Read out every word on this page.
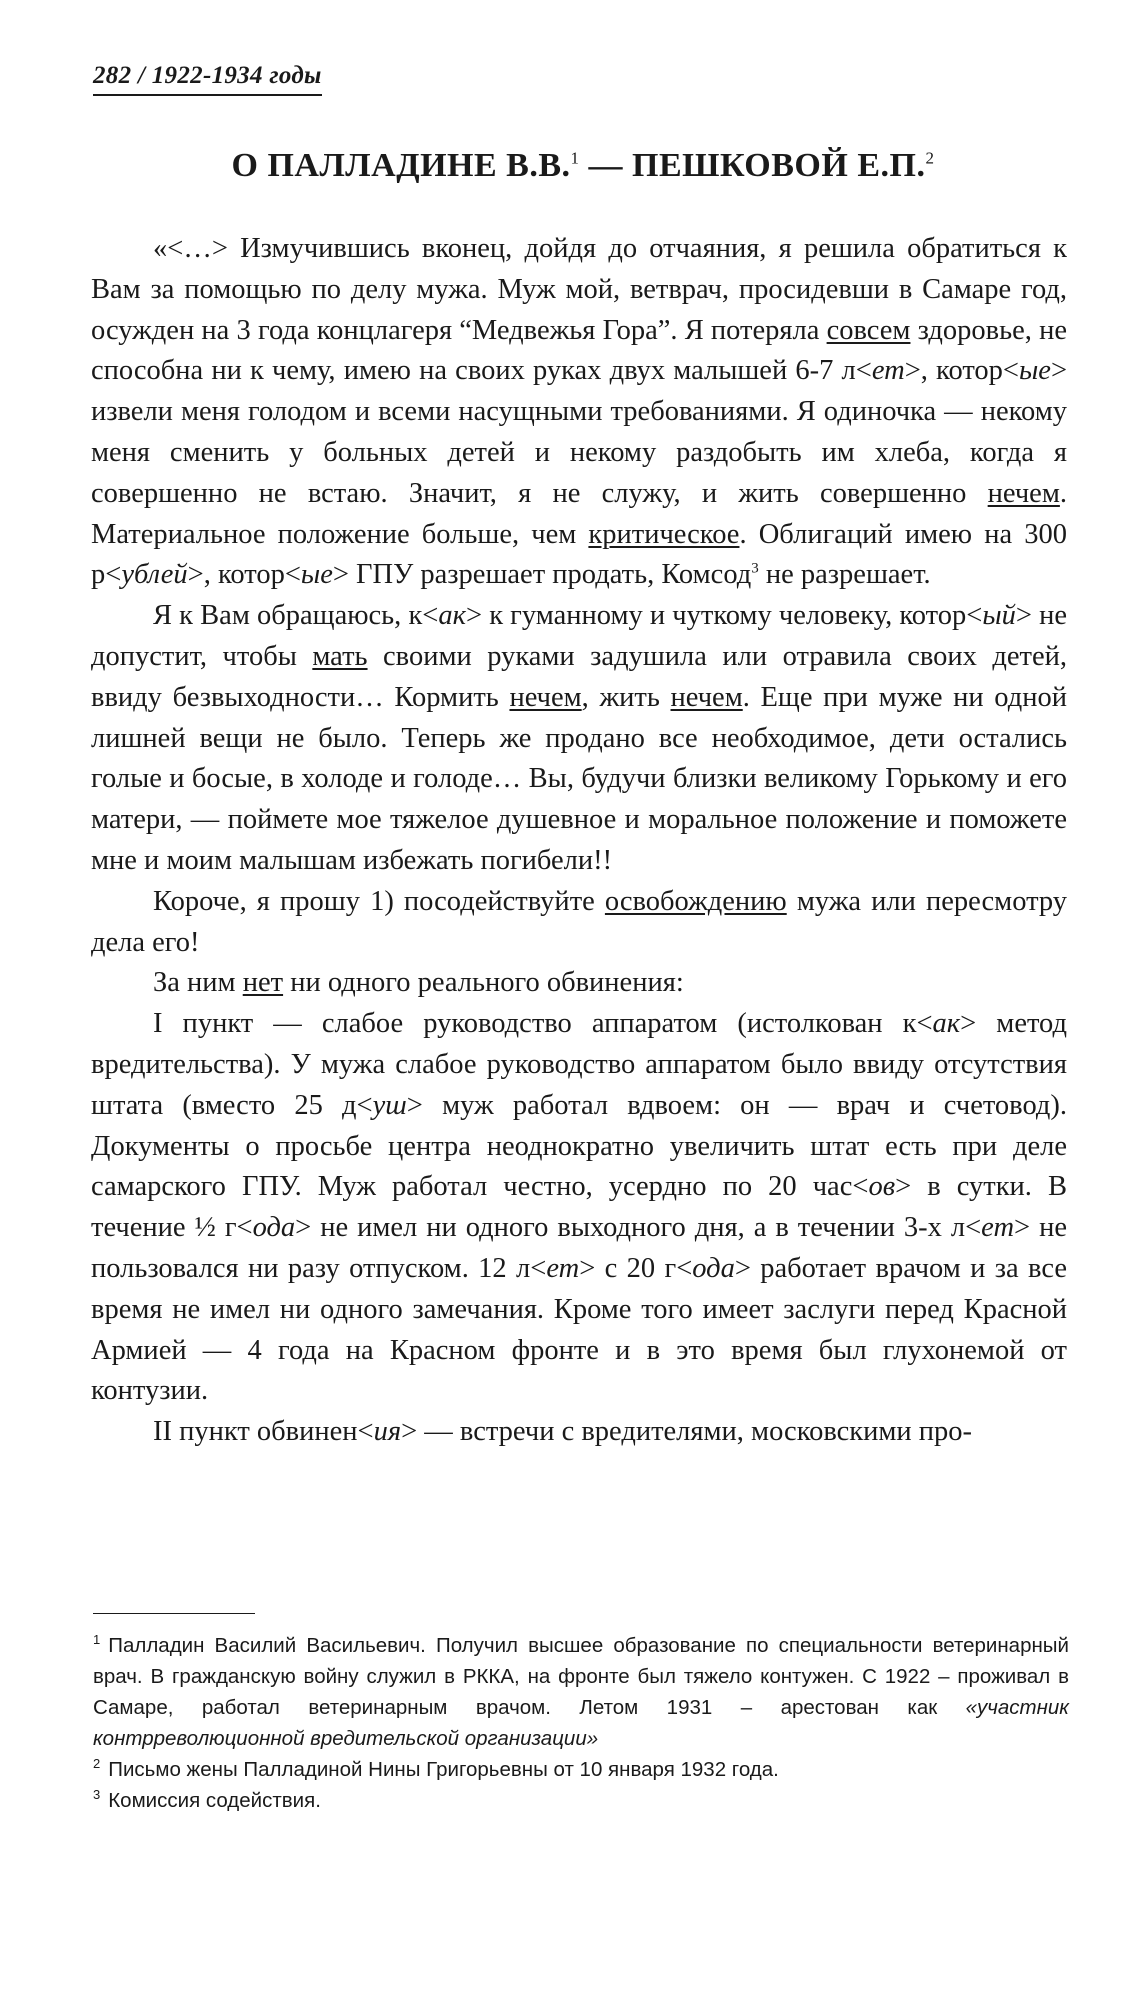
282 / 1922-1934 годы
О ПАЛЛАДИНЕ В.В.$^1$ — ПЕШКОВОЙ Е.П.$^2$

«<…> Измучившись вконец, дойдя до отчаяния, я решила обратиться к Вам за помощью по делу мужа. Муж мой, ветврач, просидевши в Самаре год, осужден на 3 года концлагеря “Медвежья Гора”. Я потеряла совсем здоровье, не способна ни к чему, имею на своих руках двух малышей 6-7 л<ет>, котор<ые> извели меня голодом и всеми насущными требованиями. Я одиночка — некому меня сменить у больных детей и некому раздобыть им хлеба, когда я совершенно не встаю. Значит, я не служу, и жить совершенно нечем. Материальное положение больше, чем критическое. Облигаций имею на 300 р<ублей>, котор<ые> ГПУ разрешает продать, Комсод$^3$ не разрешает.

Я к Вам обращаюсь, к<ак> к гуманному и чуткому человеку, котор<ый> не допустит, чтобы мать своими руками задушила или отравила своих детей, ввиду безвыходности… Кормить нечем, жить нечем. Еще при муже ни одной лишней вещи не было. Теперь же продано все необходимое, дети остались голые и босые, в холоде и голоде… Вы, будучи близки великому Горькому и его матери, — поймете мое тяжелое душевное и моральное положение и поможете мне и моим малышам избежать погибели!!

Короче, я прошу 1) посодействуйте освобождению мужа или пересмотру дела его!

За ним нет ни одного реального обвинения:

I пункт — слабое руководство аппаратом (истолкован к<ак> метод вредительства). У мужа слабое руководство аппаратом было ввиду отсутствия штата (вместо 25 д<уш> муж работал вдвоем: он — врач и счетовод). Документы о просьбе центра неоднократно увеличить штат есть при деле самарского ГПУ. Муж работал честно, усердно по 20 час<ов> в сутки. В течение ½ г<ода> не имел ни одного выходного дня, а в течении 3-х л<ет> не пользовался ни разу отпуском. 12 л<ет> с 20 г<ода> работает врачом и за все время не имел ни одного замечания. Кроме того имеет заслуги перед Красной Армией — 4 года на Красном фронте и в это время был глухонемой от контузии.

II пункт обвинен<ия> — встречи с вредителями, московскими про-

$^1$ Палладин Василий Васильевич. Получил высшее образование по специальности ветеринарный врач. В гражданскую войну служил в РККА, на фронте был тяжело контужен. С 1922 – проживал в Самаре, работал ветеринарным врачом. Летом 1931 – арестован как «участник контрреволюционной вредительской организации»

$^2$ Письмо жены Палладиной Нины Григорьевны от 10 января 1932 года.

$^3$ Комиссия содействия.
